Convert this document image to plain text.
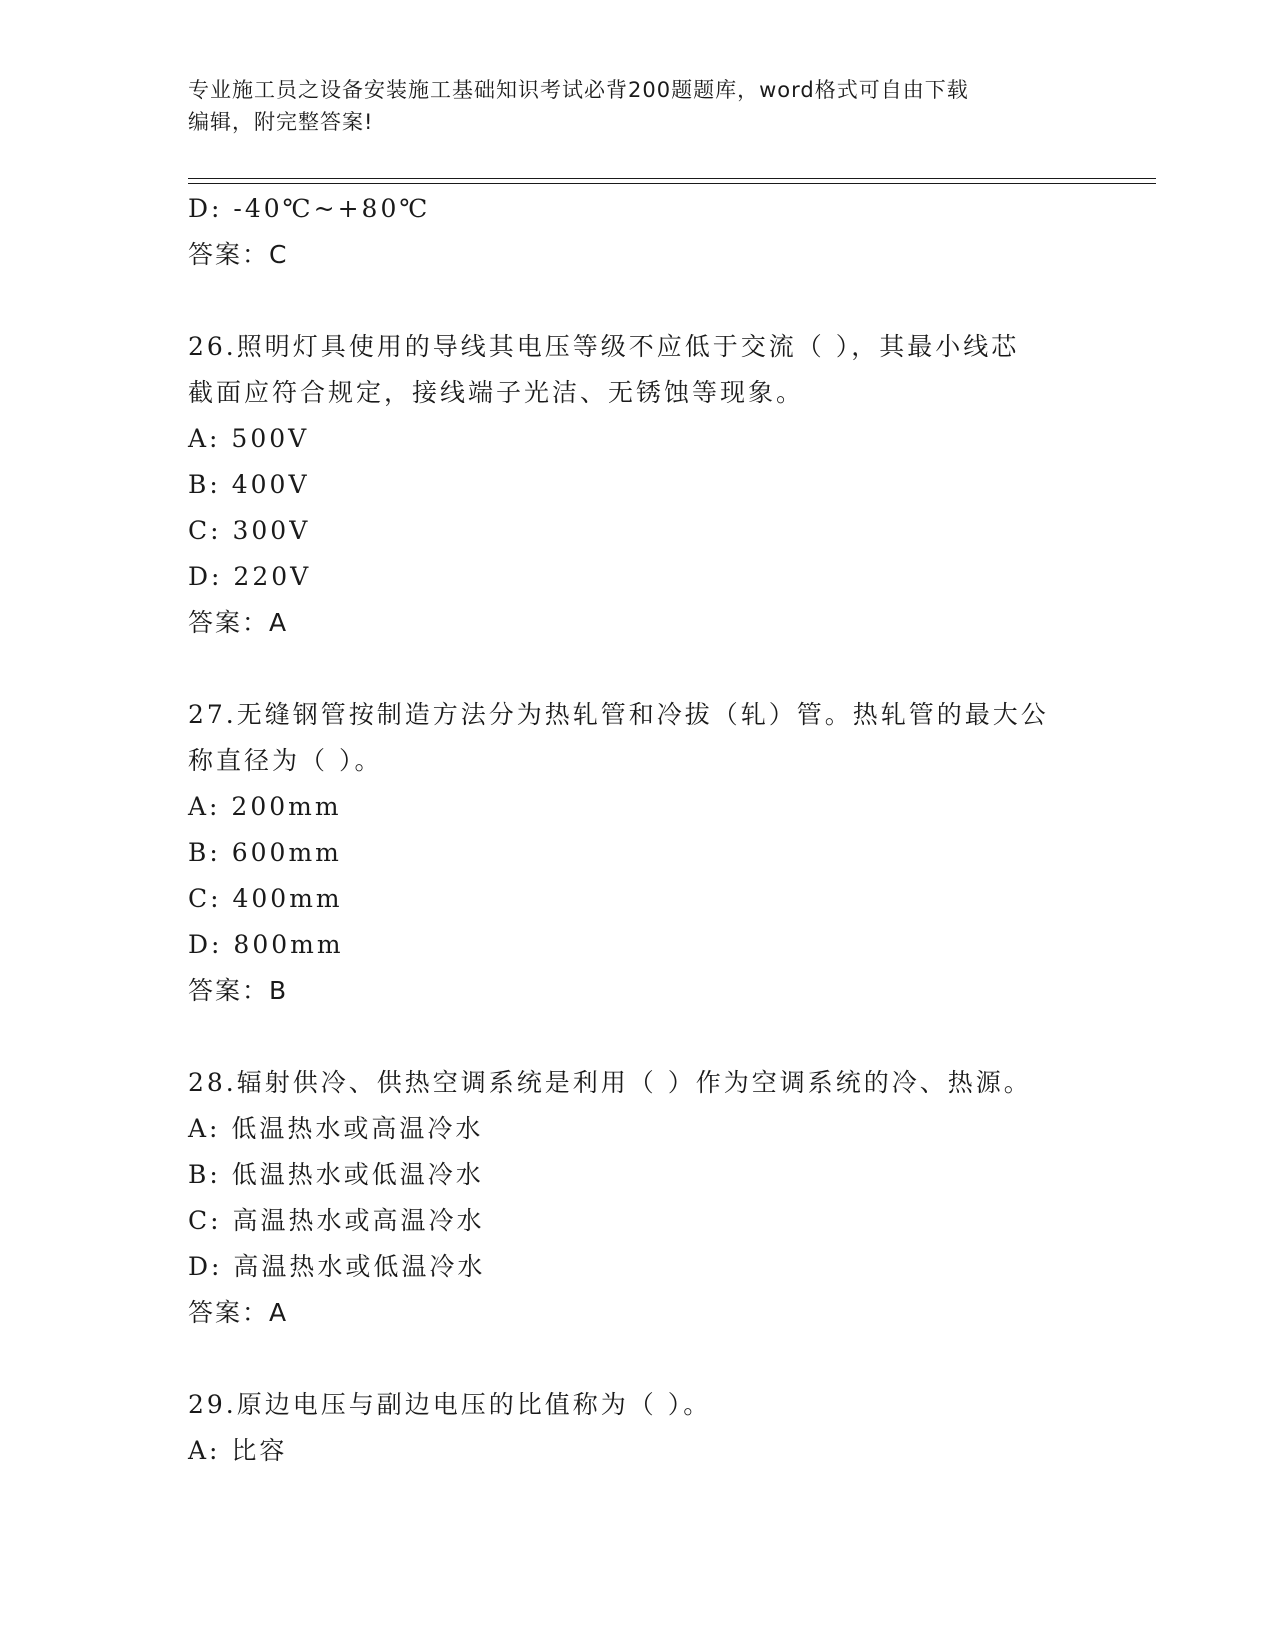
专业施工员之设备安装施工基础知识考试必背200题题库，word格式可自由下载
编辑，附完整答案!
D: -40℃~+80℃
答案：C
26.照明灯具使用的导线其电压等级不应低于交流（ ），其最小线芯
截面应符合规定，接线端子光洁、无锈蚀等现象。
A: 500V
B: 400V
C: 300V
D: 220V
答案：A
27.无缝钢管按制造方法分为热轧管和冷拔（轧）管。热轧管的最大公
称直径为（ ）。
A: 200mm
B: 600mm
C: 400mm
D: 800mm
答案：B
28.辐射供冷、供热空调系统是利用（ ）作为空调系统的冷、热源。
A: 低温热水或高温冷水
B: 低温热水或低温冷水
C: 高温热水或高温冷水
D: 高温热水或低温冷水
答案：A
29.原边电压与副边电压的比值称为（ ）。
A: 比容
